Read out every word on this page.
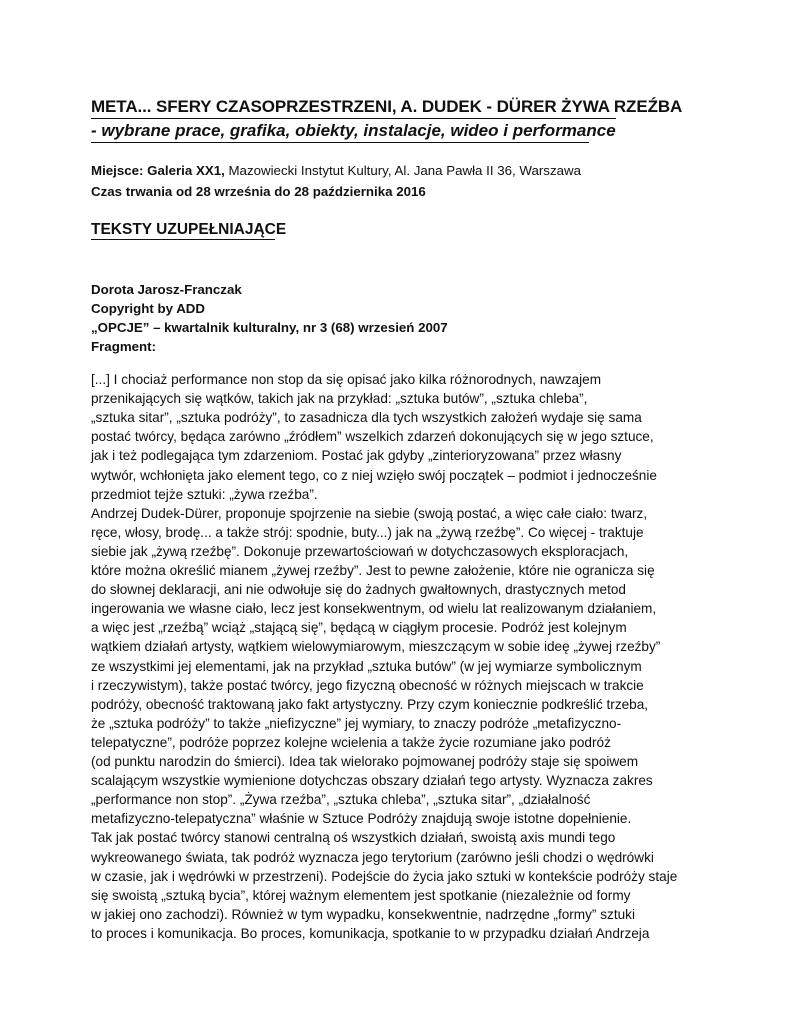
META... SFERY CZASOPRZESTRZENI, A. DUDEK - DÜRER ŻYWA RZEŹBA
- wybrane prace, grafika, obiekty, instalacje, wideo i performance
Miejsce: Galeria XX1, Mazowiecki Instytut Kultury, Al. Jana Pawła II 36, Warszawa
Czas trwania od 28 września do 28 października 2016
TEKSTY UZUPEŁNIAJĄCE
Dorota Jarosz-Franczak
Copyright by ADD
„OPCJE” – kwartalnik kulturalny, nr 3 (68) wrzesień 2007
Fragment:
[...] I chociaż performance non stop da się opisać jako kilka różnorodnych, nawzajem
przenikających się wątków, takich jak na przykład: „sztuka butów”, „sztuka chleba”,
„sztuka sitar”, „sztuka podróży”, to zasadnicza dla tych wszystkich założeń wydaje się sama
postać twórcy, będąca zarówno „źródłem” wszelkich zdarzeń dokonujących się w jego sztuce,
jak i też podlegająca tym zdarzeniom. Postać jak gdyby „zinterioryzowana” przez własny
wytwór, wchłonięta jako element tego, co z niej wzięło swój początek – podmiot i jednocześnie
przedmiot tejże sztuki: „żywa rzeźba”.
Andrzej Dudek-Dürer, proponuje spojrzenie na siebie (swoją postać, a więc całe ciało: twarz,
ręce, włosy, brodę... a także strój: spodnie, buty...) jak na „żywą rzeźbę”. Co więcej - traktuje
siebie jak „żywą rzeźbę”. Dokonuje przewartościowań w dotychczasowych eksploracjach,
które można określić mianem „żywej rzeźby”. Jest to pewne założenie, które nie ogranicza się
do słownej deklaracji, ani nie odwołuje się do żadnych gwałtownych, drastycznych metod
ingerowania we własne ciało, lecz jest konsekwentnym, od wielu lat realizowanym działaniem,
a więc jest „rzeźbą” wciąż „stającą się”, będącą w ciągłym procesie. Podróż jest kolejnym
wątkiem działań artysty, wątkiem wielowymiarowym, mieszczącym w sobie ideę „żywej rzeźby”
ze wszystkimi jej elementami, jak na przykład „sztuka butów” (w jej wymiarze symbolicznym
i rzeczywistym), także postać twórcy, jego fizyczną obecność w różnych miejscach w trakcie
podróży, obecność traktowaną jako fakt artystyczny. Przy czym koniecznie podkreślić trzeba,
że „sztuka podróży” to także „niefizyczne” jej wymiary, to znaczy podróże „metafizyczno-
telepatyczne”, podróże poprzez kolejne wcielenia a także życie rozumiane jako podróż
(od punktu narodzin do śmierci). Idea tak wielorako pojmowanej podróży staje się spoiwem
scalającym wszystkie wymienione dotychczas obszary działań tego artysty. Wyznacza zakres
„performance non stop”. „Żywa rzeźba”, „sztuka chleba”, „sztuka sitar”, „działalność
metafizyczno-telepatyczna” właśnie w Sztuce Podróży znajdują swoje istotne dopełnienie.
Tak jak postać twórcy stanowi centralną oś wszystkich działań, swoistą axis mundi tego
wykreowanego świata, tak podróż wyznacza jego terytorium (zarówno jeśli chodzi o wędrówki
w czasie, jak i wędrówki w przestrzeni). Podejście do życia jako sztuki w kontekście podróży staje
się swoistą „sztuką bycia”, której ważnym elementem jest spotkanie (niezależnie od formy
w jakiej ono zachodzi). Również w tym wypadku, konsekwentnie, nadrzędne „formy” sztuki
to proces i komunikacja. Bo proces, komunikacja, spotkanie to w przypadku działań Andrzeja
